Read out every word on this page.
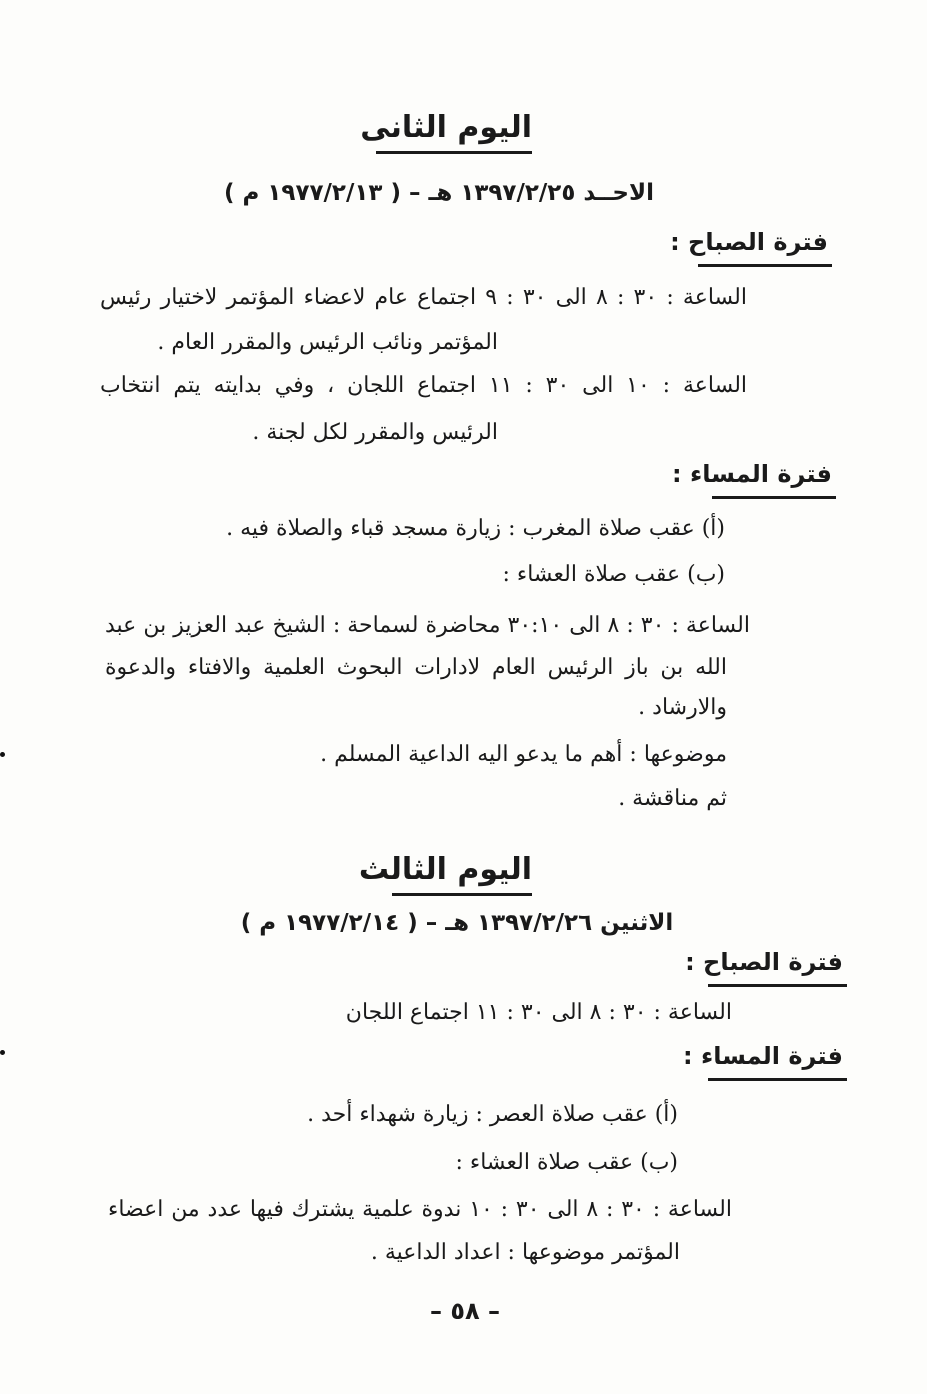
اليوم الثانى
الاحــد ١٣٩٧/٢/٢٥ هـ – ( ١٩٧٧/٢/١٣ م )
فترة الصباح :
الساعة : ٣٠ : ٨ الى ٣٠ : ٩ اجتماع عام لاعضاء المؤتمر لاختيار رئيس
المؤتمر ونائب الرئيس والمقرر العام .
الساعة : ١٠ الى ٣٠ : ١١ اجتماع اللجان ، وفي بدايته يتم انتخاب
الرئيس والمقرر لكل لجنة .
فترة المساء :
(أ) عقب صلاة المغرب : زيارة مسجد قباء والصلاة فيه .
(ب) عقب صلاة العشاء :
الساعة : ٣٠ : ٨ الى ٣٠:١٠ محاضرة لسماحة : الشيخ عبد العزيز بن عبد
الله بن باز الرئيس العام لادارات البحوث العلمية والافتاء والدعوة
والارشاد .
موضوعها : أهم ما يدعو اليه الداعية المسلم .
ثم مناقشة .
اليوم الثالث
الاثنين ١٣٩٧/٢/٢٦ هـ – ( ١٩٧٧/٢/١٤ م )
فترة الصباح :
الساعة : ٣٠ : ٨ الى ٣٠ : ١١ اجتماع اللجان
فترة المساء :
(أ) عقب صلاة العصر : زيارة شهداء أحد .
(ب) عقب صلاة العشاء :
الساعة : ٣٠ : ٨ الى ٣٠ : ١٠ ندوة علمية يشترك فيها عدد من اعضاء
المؤتمر موضوعها : اعداد الداعية .
– ٥٨ –
